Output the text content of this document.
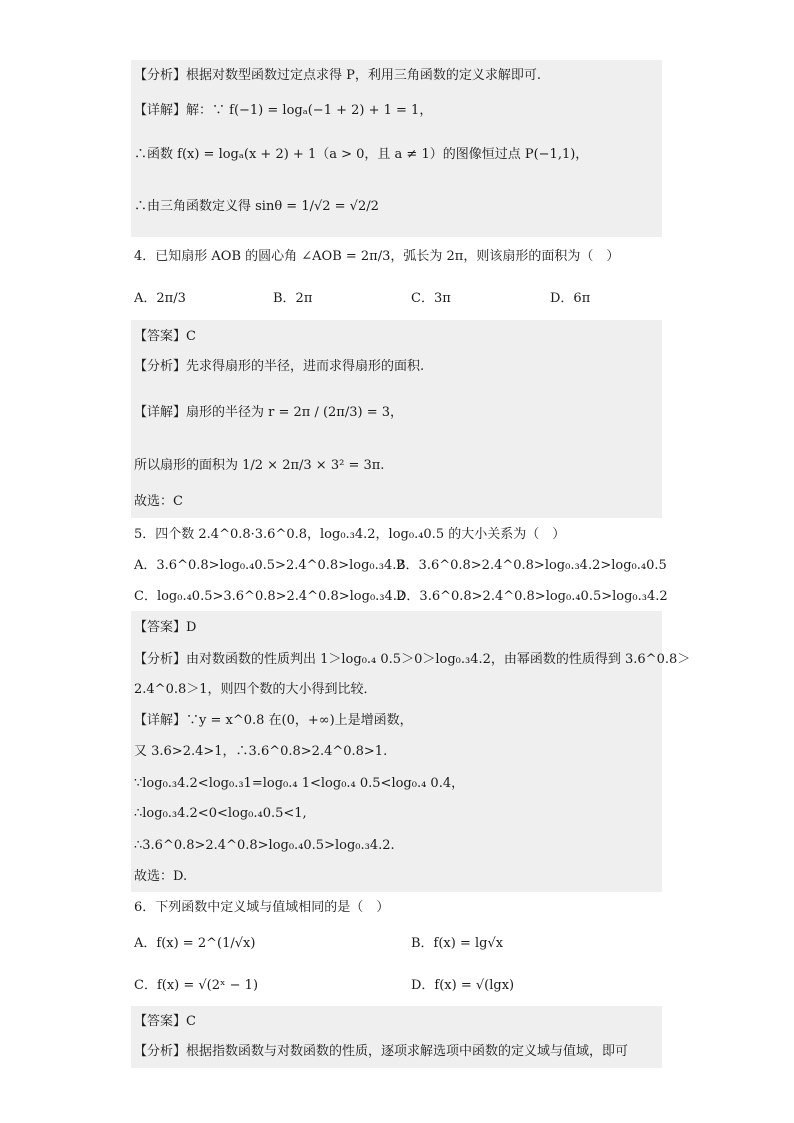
【分析】根据对数型函数过定点求得 P，利用三角函数的定义求解即可.
【详解】解：∵ f(−1) = logₐ(−1 + 2) + 1 = 1，
∴函数 f(x) = logₐ(x + 2) + 1（a > 0，且 a ≠ 1）的图像恒过点 P(−1,1)，
∴由三角函数定义得 sinθ = 1/√2 = √2/2
4．已知扇形 AOB 的圆心角 ∠AOB = 2π/3，弧长为 2π，则该扇形的面积为（　）
A．2π/3	B．2π	C．3π	D．6π
【答案】C
【分析】先求得扇形的半径，进而求得扇形的面积.
【详解】扇形的半径为 r = 2π / (2π/3) = 3，
所以扇形的面积为 1/2 × 2π/3 × 3² = 3π.
故选：C
5．四个数 2.4^0.8·3.6^0.8，log₀.₃4.2，log₀.₄0.5 的大小关系为（　）
A．3.6^0.8>log₀.₄0.5>2.4^0.8>log₀.₃4.2
B．3.6^0.8>2.4^0.8>log₀.₃4.2>log₀.₄0.5
C．log₀.₄0.5>3.6^0.8>2.4^0.8>log₀.₃4.2
D．3.6^0.8>2.4^0.8>log₀.₄0.5>log₀.₃4.2
【答案】D
【分析】由对数函数的性质判出 1＞log₀.₄ 0.5＞0＞log₀.₃4.2，由幂函数的性质得到 3.6^0.8＞
2.4^0.8＞1，则四个数的大小得到比较．
【详解】∵y = x^0.8 在(0，+∞)上是增函数，
又 3.6>2.4>1，∴3.6^0.8>2.4^0.8>1.
∵log₀.₃4.2<log₀.₃1=log₀.₄ 1<log₀.₄ 0.5<log₀.₄ 0.4，
∴log₀.₃4.2<0<log₀.₄0.5<1,
∴3.6^0.8>2.4^0.8>log₀.₄0.5>log₀.₃4.2.
故选：D.
6．下列函数中定义域与值域相同的是（　）
A．f(x) = 2^(1/√x)	B．f(x) = lg√x
C．f(x) = √(2ˣ − 1)	D．f(x) = √(lgx)
【答案】C
【分析】根据指数函数与对数函数的性质，逐项求解选项中函数的定义域与值域，即可
